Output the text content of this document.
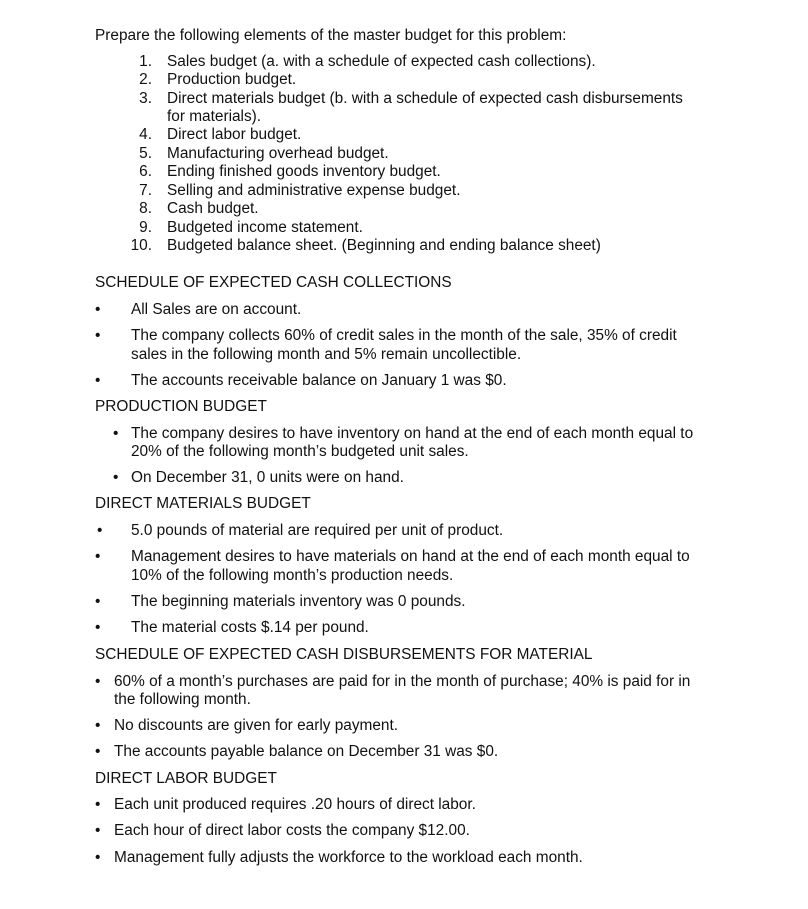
Prepare the following elements of the master budget for this problem:
1. Sales budget (a. with a schedule of expected cash collections).
2. Production budget.
3. Direct materials budget (b. with a schedule of expected cash disbursements
for materials).
4. Direct labor budget.
5. Manufacturing overhead budget.
6. Ending finished goods inventory budget.
7. Selling and administrative expense budget.
8. Cash budget.
9. Budgeted income statement.
10. Budgeted balance sheet. (Beginning and ending balance sheet)
SCHEDULE OF EXPECTED CASH COLLECTIONS
• All Sales are on account.
• The company collects 60% of credit sales in the month of the sale, 35% of credit
sales in the following month and 5% remain uncollectible.
• The accounts receivable balance on January 1 was $0.
PRODUCTION BUDGET
• The company desires to have inventory on hand at the end of each month equal to
20% of the following month’s budgeted unit sales.
• On December 31, 0 units were on hand.
DIRECT MATERIALS BUDGET
• 5.0 pounds of material are required per unit of product.
• Management desires to have materials on hand at the end of each month equal to
10% of the following month’s production needs.
• The beginning materials inventory was 0 pounds.
• The material costs $.14 per pound.
SCHEDULE OF EXPECTED CASH DISBURSEMENTS FOR MATERIAL
• 60% of a month’s purchases are paid for in the month of purchase; 40% is paid for in
the following month.
• No discounts are given for early payment.
• The accounts payable balance on December 31 was $0.
DIRECT LABOR BUDGET
• Each unit produced requires .20 hours of direct labor.
• Each hour of direct labor costs the company $12.00.
• Management fully adjusts the workforce to the workload each month.
